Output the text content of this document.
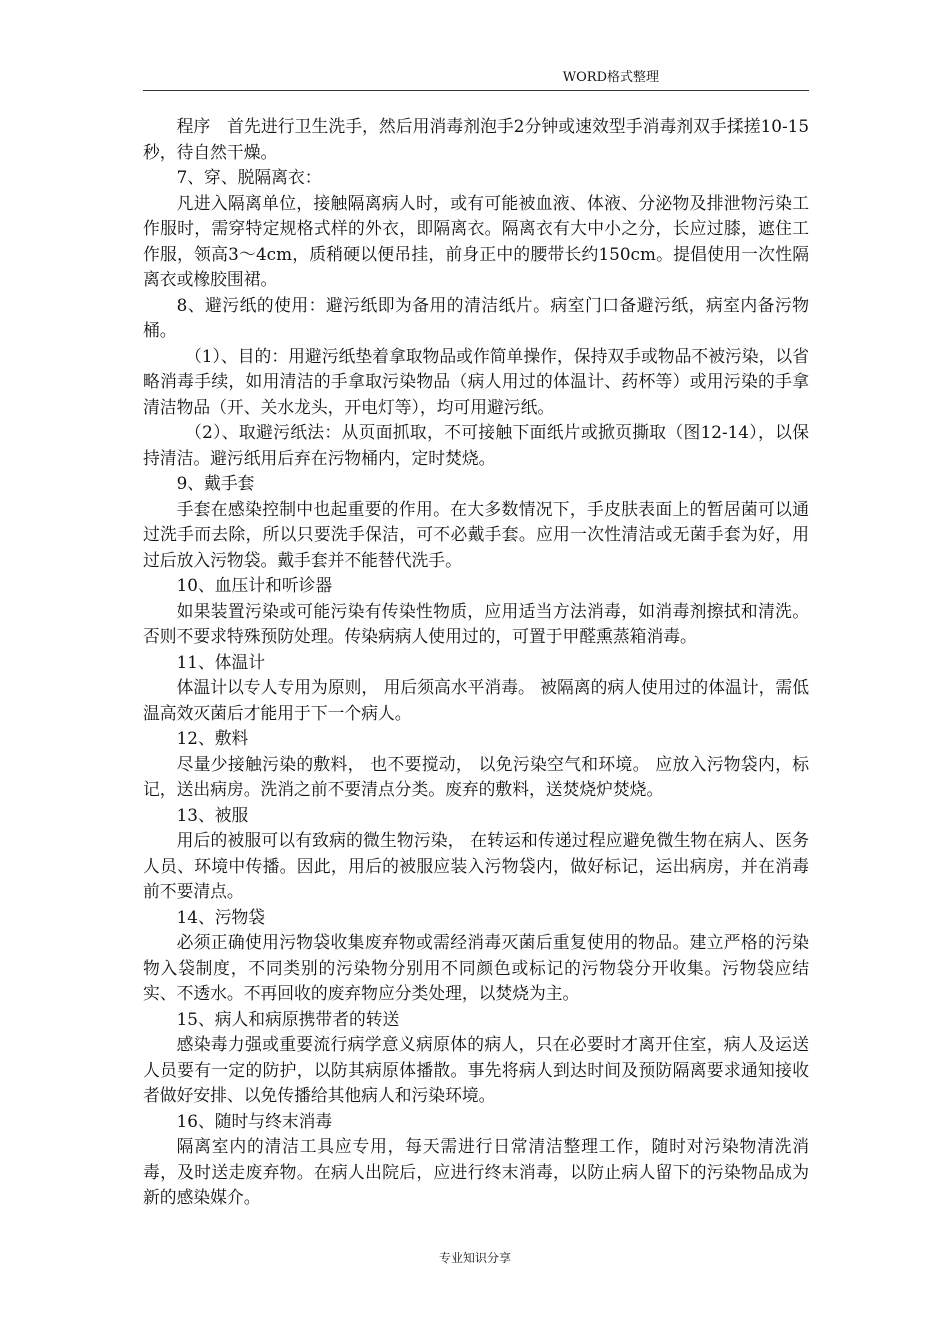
WORD格式整理

程序　首先进行卫生洗手，然后用消毒剂泡手2分钟或速效型手消毒剂双手揉搓10-15秒，待自然干燥。

7、穿、脱隔离衣：

凡进入隔离单位，接触隔离病人时，或有可能被血液、体液、分泌物及排泄物污染工作服时，需穿特定规格式样的外衣，即隔离衣。隔离衣有大中小之分，长应过膝，遮住工作服，领高3～4cm，质稍硬以便吊挂，前身正中的腰带长约150cm。提倡使用一次性隔离衣或橡胶围裙。

8、避污纸的使用：避污纸即为备用的清洁纸片。病室门口备避污纸，病室内备污物桶。

（1）、目的：用避污纸垫着拿取物品或作简单操作，保持双手或物品不被污染，以省略消毒手续，如用清洁的手拿取污染物品（病人用过的体温计、药杯等）或用污染的手拿清洁物品（开、关水龙头，开电灯等），均可用避污纸。

（2）、取避污纸法：从页面抓取，不可接触下面纸片或掀页撕取（图12-14），以保持清洁。避污纸用后弃在污物桶内，定时焚烧。

9、戴手套

手套在感染控制中也起重要的作用。在大多数情况下，手皮肤表面上的暂居菌可以通过洗手而去除，所以只要洗手保洁，可不必戴手套。应用一次性清洁或无菌手套为好，用过后放入污物袋。戴手套并不能替代洗手。

10、血压计和听诊器

如果装置污染或可能污染有传染性物质，应用适当方法消毒，如消毒剂擦拭和清洗。否则不要求特殊预防处理。传染病病人使用过的，可置于甲醛熏蒸箱消毒。

11、体温计

体温计以专人专用为原则， 用后须高水平消毒。 被隔离的病人使用过的体温计，需低温高效灭菌后才能用于下一个病人。

12、敷料

尽量少接触污染的敷料， 也不要搅动， 以免污染空气和环境。 应放入污物袋内，标记，送出病房。洗消之前不要清点分类。废弃的敷料，送焚烧炉焚烧。

13、被服

用后的被服可以有致病的微生物污染， 在转运和传递过程应避免微生物在病人、医务人员、环境中传播。因此，用后的被服应装入污物袋内，做好标记，运出病房，并在消毒前不要清点。

14、污物袋

必须正确使用污物袋收集废弃物或需经消毒灭菌后重复使用的物品。建立严格的污染物入袋制度，不同类别的污染物分别用不同颜色或标记的污物袋分开收集。污物袋应结实、不透水。不再回收的废弃物应分类处理，以焚烧为主。

15、病人和病原携带者的转送

感染毒力强或重要流行病学意义病原体的病人，只在必要时才离开住室，病人及运送人员要有一定的防护，以防其病原体播散。事先将病人到达时间及预防隔离要求通知接收者做好安排、以免传播给其他病人和污染环境。

16、随时与终末消毒

隔离室内的清洁工具应专用，每天需进行日常清洁整理工作，随时对污染物清洗消毒，及时送走废弃物。在病人出院后，应进行终末消毒，以防止病人留下的污染物品成为新的感染媒介。

专业知识分享
